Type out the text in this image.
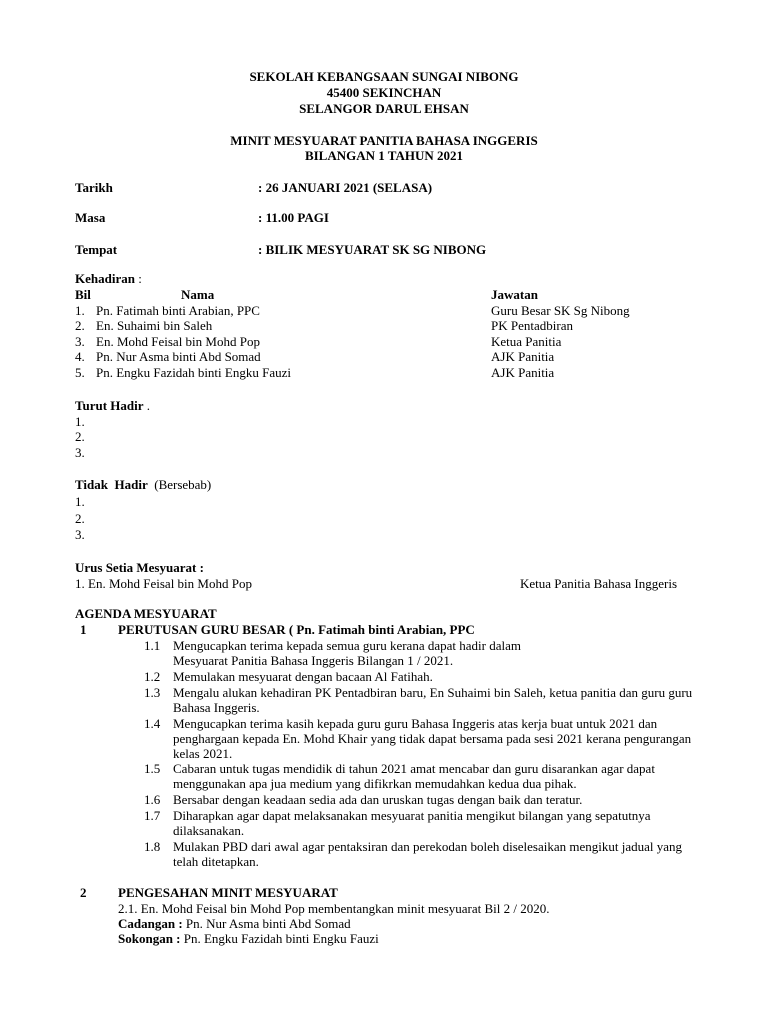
SEKOLAH KEBANGSAAN SUNGAI NIBONG
45400 SEKINCHAN
SELANGOR DARUL EHSAN
MINIT MESYUARAT PANITIA BAHASA INGGERIS
BILANGAN 1 TAHUN 2021
Tarikh	: 26 JANUARI 2021 (SELASA)
Masa	: 11.00 PAGI
Tempat	: BILIK MESYUARAT SK SG NIBONG
Kehadiran :
Bil	Nama	Jawatan
1. Pn. Fatimah binti Arabian, PPC	Guru Besar SK Sg Nibong
2. En. Suhaimi bin Saleh	PK Pentadbiran
3. En. Mohd Feisal bin Mohd Pop	Ketua Panitia
4. Pn. Nur Asma binti Abd Somad	AJK Panitia
5. Pn. Engku Fazidah binti Engku Fauzi	AJK Panitia
Turut Hadir .
1.
2.
3.
Tidak  Hadir (Bersebab)
1.
2.
3.
Urus Setia Mesyuarat :
1. En. Mohd Feisal bin Mohd Pop	Ketua Panitia Bahasa Inggeris
AGENDA MESYUARAT
1 PERUTUSAN GURU BESAR ( Pn. Fatimah binti Arabian, PPC
1.1 Mengucapkan terima kepada semua guru kerana dapat hadir dalam
Mesyuarat Panitia Bahasa Inggeris Bilangan 1 / 2021.
1.2 Memulakan mesyuarat dengan bacaan Al Fatihah.
1.3 Mengalu alukan kehadiran PK Pentadbiran baru, En Suhaimi bin Saleh, ketua panitia dan guru guru
Bahasa Inggeris.
1.4 Mengucapkan terima kasih kepada guru guru Bahasa Inggeris atas kerja buat untuk 2021 dan
penghargaan kepada En. Mohd Khair yang tidak dapat bersama pada sesi 2021 kerana pengurangan
kelas 2021.
1.5 Cabaran untuk tugas mendidik di tahun 2021 amat mencabar dan guru disarankan agar dapat
menggunakan apa jua medium yang difikrkan memudahkan kedua dua pihak.
1.6 Bersabar dengan keadaan sedia ada dan uruskan tugas dengan baik dan teratur.
1.7 Diharapkan agar dapat melaksanakan mesyuarat panitia mengikut bilangan yang sepatutnya
dilaksanakan.
1.8 Mulakan PBD dari awal agar pentaksiran dan perekodan boleh diselesaikan mengikut jadual yang
telah ditetapkan.
2 PENGESAHAN MINIT MESYUARAT
2.1. En. Mohd Feisal bin Mohd Pop membentangkan minit mesyuarat Bil 2 / 2020.
Cadangan : Pn. Nur Asma binti Abd Somad
Sokongan : Pn. Engku Fazidah binti Engku Fauzi
